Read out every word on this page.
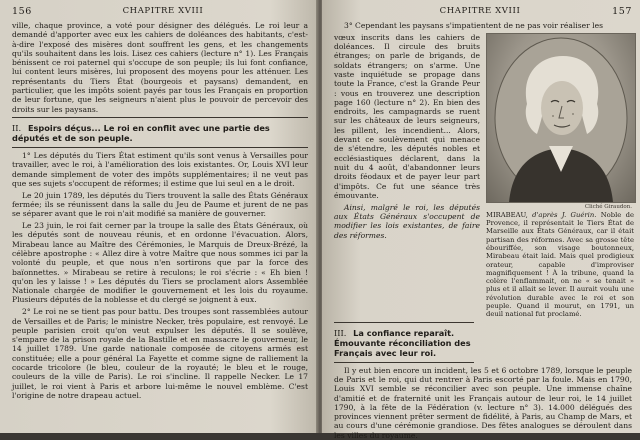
156	CHAPITRE XVIII

ville, chaque province, a voté pour désigner des délégués. Le roi leur a demandé d'apporter avec eux les cahiers de doléances des habitants, c'est-à-dire l'exposé des misères dont souffrent les gens, et les changements qu'ils souhaitent dans les lois. Lisez ces cahiers (lecture n° 1). Les Français bénissent ce roi paternel qui s'occupe de son peuple; ils lui font confiance, lui content leurs misères, lui proposent des moyens pour les atténuer. Les représentants du Tiers État (bourgeois et paysans) demandent, en particulier, que les impôts soient payés par tous les Français en proportion de leur fortune, que les seigneurs n'aient plus le pouvoir de percevoir des droits sur les paysans.

II. Espoirs déçus... Le roi en conflit avec une partie des députés et de son peuple.

1° Les députés du Tiers État estiment qu'ils sont venus à Versailles pour travailler, avec le roi, à l'amélioration des lois existantes. Or, Louis XVI leur demande simplement de voter des impôts supplémentaires; il ne veut pas que ses sujets s'occupent de réformes; il estime que lui seul en a le droit.

Le 20 juin 1789, les députés du Tiers trouvent la salle des États Généraux fermée; ils se réunissent dans la salle du Jeu de Paume et jurent de ne pas se séparer avant que le roi n'ait modifié sa manière de gouverner.

Le 23 juin, le roi fait cerner par la troupe la salle des États Généraux, où les députés sont de nouveau réunis, et en ordonne l'évacuation. Alors, Mirabeau lance au Maître des Cérémonies, le Marquis de Dreux-Brézé, la célèbre apostrophe : « Allez dire à votre Maître que nous sommes ici par la volonté du peuple, et que nous n'en sortirons que par la force des baïonnettes. » Mirabeau se retire à reculons; le roi s'écrie : « Eh bien ! qu'on les y laisse ! » Les députés du Tiers se proclament alors Assemblée Nationale chargée de modifier le gouvernement et les lois du royaume. Plusieurs députés de la noblesse et du clergé se joignent à eux.

2° Le roi ne se tient pas pour battu. Des troupes sont rassemblées autour de Versailles et de Paris; le ministre Necker, très populaire, est renvoyé. Le peuple parisien croit qu'on veut expulser les députés. Il se soulève, s'empare de la prison royale de la Bastille et en massacre le gouverneur, le 14 juillet 1789. Une garde nationale composée de citoyens armés est constituée; elle a pour général La Fayette et comme signe de ralliement la cocarde tricolore (le bleu, couleur de la royauté; le bleu et le rouge, couleurs de la ville de Paris). Le roi s'incline. Il rappelle Necker. Le 17 juillet, le roi vient à Paris et arbore lui-même le nouvel emblème. C'est l'origine de notre drapeau actuel.

CHAPITRE XVIII	157

3° Cependant les paysans s'impatientent de ne pas voir réaliser les

vœux inscrits dans les cahiers de doléances. Il circule des bruits étranges; on parle de brigands, de soldats étrangers; on s'arme. Une vaste inquiétude se propage dans toute la France, c'est la Grande Peur : vous en trouverez une description page 160 (lecture n° 2). En bien des endroits, les campagnards se ruent sur les châteaux de leurs seigneurs, les pillent, les incendient... Alors, devant ce soulèvement qui menace de s'étendre, les députés nobles et ecclésiastiques déclarent, dans la nuit du 4 août, d'abandonner leurs droits féodaux et de payer leur part d'impôts. Ce fut une séance très émouvante.

Ainsi, malgré le roi, les députés aux États Généraux s'occupent de modifier les lois existantes, de faire des réformes.

Cliché Giraudon.
MIRABEAU, d'après J. Guérin. Noble de Provence, il représentait le Tiers État de Marseille aux États Généraux, car il était partisan des réformes. Avec sa grosse tête ébouriffée, son visage boutonneux, Mirabeau était laid. Mais quel prodigieux orateur, capable d'improviser magnifiquement ! À la tribune, quand la colère l'enflammait, on ne « se tenait » plus et il allait se lever. Il aurait voulu une révolution durable avec le roi et son peuple. Quand il mourut, en 1791, un deuil national fut proclamé.
III. La confiance reparaît. Émouvante réconciliation des Français avec leur roi.

Il y eut bien encore un incident, les 5 et 6 octobre 1789, lorsque le peuple de Paris et le roi, qui dut rentrer à Paris escorté par la foule. Mais en 1790, Louis XVI semble se réconcilier avec son peuple. Une immense chaîne d'amitié et de fraternité unit les Français autour de leur roi, le 14 juillet 1790, à la fête de la Fédération (v. lecture n° 3). 14.000 délégués des provinces viennent prêter serment de fidélité, à Paris, au Champ de Mars, et au cours d'une cérémonie grandiose. Des fêtes analogues se déroulent dans les villes du royaume.
